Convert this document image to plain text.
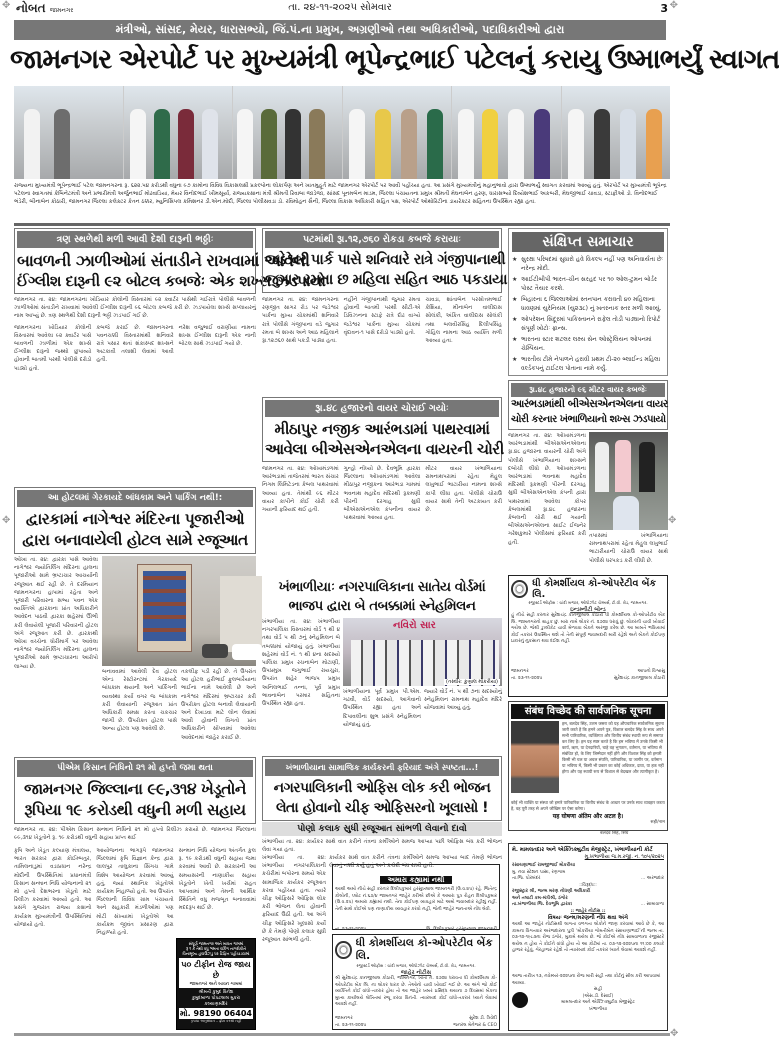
✥	✥
નોબત જામનગર	તા. ૨૪-૧૧-૨૦૨૫ સોમવાર	3
મંત્રીઓ, સાંસદ, મેયર, ધારાસભ્યો, જિં.પં.ના પ્રમુખ, અગ્રણીઓ તથા અધિકારીઓ, પદાધિકારીઓ દ્વારા
જામનગર એરપોર્ટ પર મુખ્યમંત્રી ભૂપેન્દ્રભાઈ પટેલનું કરાયુ ઉષ્માભર્યું સ્વાગત
રાજ્યના મુખ્યમંત્રી ભૂપેન્દ્રભાઈ પટેલ જામનગરના રૂ. ૬૨૨.૫૪ કરોડથી વધુના ૯૭ કામોના વિવિધ વિકાસલક્ષી પ્રકલ્પોના લોકાર્પણ અને ખાતમુહૂર્ત માટે જામનગર એરપોર્ટ પર આવી પહોંચ્યા હતા. આ પ્રસંગે મુખ્યમંત્રીનું મહાનુભાવો દ્વારા ઉષ્માભર્યું સ્વાગત કરવામાં આવ્યું હતું. એરપોર્ટ પર મુખ્યમંત્રી ભૂપેન્દ્ર પટેલના સ્વાગતમાં કેબિનેટમંત્રી અને પ્રભારીમંત્રી અર્જુનભાઈ મોઢવાડિયા, મેયર વિનોદભાઈ ખીમસૂર્યા, રાજ્યકક્ષાના મંત્રી શ્રીમતી રિવાબા જાડેજા, સાંસદ પૂનમબેન માડમ, જિલ્લા પંચાયતના પ્રમુખ શ્રીમતી મેઘનાબેન હરણ, ધારાસભ્યો દિવ્યેશભાઈ અકબરી, મેઘજીભાઈ ચાવડા, સ્ટાફીઓ ડો. વિનોદભાઈ ભંડેરી, બીનાબેન કોઠારી, જામનગર જિલ્લા કલેક્ટર કેતન ઠક્કર, મ્યુનિસિપલ કમિશનર ડી.એન.મોદી, જિલ્લા પોલીસવડા ડો. રવિમોહન સૈની, જિલ્લા વિકાસ અધિકારી સહિત પક્ષ, એરપોર્ટ ઓથોરિટીના ડાયરેક્ટર સહિતના ઉપસ્થિત રહ્યા હતા.
ત્રણ સ્થળેથી મળી આવી દેશી દારૂની ભઠ્ઠીઃ
બાવળની ઝાળીઓમાં સંતાડીને રાખવામાં આવેલી
ઈંગ્લીશ દારૂની ૯૨ બોટલ કબજેઃ એક શખ્સ ઝડપાયો
જામનગર તા. ૨૪: જામનગરના ખોડિયાર કોલોની વિસ્તારમાં ૯૨ ક્વાર્ટર પાસેથી ગઈરાત્રે પોલીસે બાવળની ઝાળીઓમાં સંતાડીને રાખવામાં આવેલી ઈંગ્લીશ દારૂની ૯૬ બોટલ કબજે કરી છે. ઝડપાયેલા શખ્સે સપ્લાયરનું નામ આપ્યું છે. ત્રણ સ્થળેથી દેશી દારૂની ભઠ્ઠી ઝડપાઈ ગઈ છે.
જામનગરના ખોડિયાર કોલોની વિસ્તારમાં આવેલા ૯૨ ક્વાર્ટર પાસે બાવળની ઝાળીમાં એક શખ્સે ઈંગ્લીશ દારૂનો જથ્થો છુપાવ્યો હોવાની બાતમી પરથી પોલીસે દરોડો પાડ્યો હતો.
કબજે કરાઈ છે. જામનગરના પવનચક્કી વિસ્તારમાંથી શનિવારે રાત્રે પસાર થતાં શંકાસ્પદ શખ્સને અટકાવી તલાશી લેવામાં આવી હતી.
નરેશ વજુભાઈ વરાણીયા નામના શખ્સ ઈંગ્લીશ દારૂની એક નાની બોટલ સાથે ઝડપાઈ ગયો છે.
પટમાંથી રૂા.૧૨,૭૬૦ રોકડા કબજે કરાયાઃ
જડેશ્વર પાર્ક પાસે શનિવારે રાત્રે ગંજીપાનાથી
જુગાર રમતા છ મહિલા સહિત આઠ પકડાયા
જામનગર તા. ૨૪: જામનગરના રણજીત સાગર રોડ પર જડેશ્વર પાર્કના મુખ્ય ચોકમાંથી શનિવારે રાત્રે પોલીસે ગંજીપાના વડે જુગાર રમતા બે શખ્સ અને આઠ મહિલાને રૂા.૧૨૭૬૦ સાથે પકડી પાડ્યા હતા.
નહીંને ગંજીપાનાથી જુગાર રમતા હોવાની બાતમી પરથી સીટી-એ ડિવિઝનના સ્ટાફે રાત્રે દોઢ વાગ્યે જડેશ્વર પાર્કના મુખ્ય ચોકમાં વૃંદાવન-૧ પાસે દરોડો પાડ્યો હતો.
ચાવડા, શાંતાબેન પરસોત્તમભાઈ કેશિયા, મીનાબેન વાલીદાસ સોલંકી, અંકિત વાલીદાસ સોલંકી તથા બલવીરસિંહ દિલીપસિંહ ગોહિલ નામના આઠ વ્યક્તિ મળી આવ્યા હતા.
સંક્ષિપ્ત સમાચાર
★ સુરક્ષા પરિષદમાં સુધારો હવે વિકલ્પ નહીં પણ અનિવાર્યતા છેઃ નરેન્દ્ર મોદી.
★ આઈટીબીપી ભારત-ચીન સરહદ પર ૧૦ ઓલ-ટુમન બોર્ડર પોસ્ટ તૈયાર કરશે.
★ બિહારના ૬ જિલ્લાઓમાં સ્તનપાન કરાવતી ૪૦ મહિલાના ધાવણમાં યુરેનિયમ (યુ૨૩૮) નું ખતરનાક સ્તર મળી આવ્યું.
★ ઓપરેશન સિંદૂરમાં પાકિસ્તાનને રાફેલ તોડી પાડ્યાનો રિપોર્ટ સંપૂર્ણ ખોટોઃ ફ્રાન્સ.
★ ભારતના સ્ટાર શટલર લક્ષ્ય સેન ઓસ્ટ્રેલિયન ઓપનમાં ચેમ્પિયન.
★ ભારતીય ટીમે નેપાળને હરાવી પ્રથમ ટી-૨૦ બ્લાઈન્ડ મહિલા વર્લ્ડકપનું ટાઈટલ પોતાના નામે કર્યું.
રૂા.૪૮ હજારનો ૯૬ મીટર વાયર કબજેઃ
આરંભડામાંથી બીએસએનએલના વાયર
ચોરી કરનાર ખંભાળિયાનો શખ્સ ઝડપાયો
જામનગર તા. ૨૪: ઓખામંડળના આરંભડામાંથી બીએસએનએલના રૂા.૪૮ હજારના વાયરની ચોરી અંગે પોલીસે ખંભાળિયાના શખ્સને દબોચી લીધો છે. ઓખામંડળના આરંભડામાં ભવનાથ મહાદેવ મંદિરથી રૂકમણી પીરની દરગાહ સુધી બીએસએનએલ કંપની દ્વારા પાથરવામાં આવેલા કોપર કેબલમાંથી રૂા.૪૮ હજારના કેબલની ચોરી થઈ ગયાની બીએસએનએલના સાઈટ ઈજનેર ગરેશકુમારે પોલીસમાં ફરિયાદ કરી હતી.
તપાસમાં ખંભાળિયાના રામનાથપરામાં રહેતા મેહુલ લખુભાઈ ભાટારીયાની ચોરાઉ વાયર સાથે પોલીસે ધરપકડ કરી લીધી છે.
રૂા.૪૮ હજારનો વાયર ચોરાઈ ગયોઃ
મીઠાપુર નજીક આરંભડામાં પાથરવામાં
આવેલા બીએસએનએલના વાયરની ચોરી
જામનગર તા. ૨૪: ઓખામંડળમાં આરંભડામાં તાજેતરમાં ભારત સંચાર નિગમ લિમિટેડના કેબલ પાથરવામાં આવ્યા હતા. તેમાંથી ૯૬ મીટર વાયર કાપીને કોઈ ચોરી કરી ગયાની ફરિયાદ થઈ હતી.
ગુન્હો નોંધ્યો છે. દેવભૂમિ દ્વારકા જિલ્લાના ઓખામંડળમાં આવેલા મીઠાપુર નજીકના આરંભડા ગામમાં ભવનાથ મહાદેવ મંદિરથી રૂકમણી પીરની દરગાહ સુધી બીએસએનએલ કંપનીના વાયર પાથરવામાં આવ્યા હતા.
મીટર વાયર ખંભાળિયાના રામનાથપરામાં રહેતા મેહુલ લખુભાઈ ભાટારીયા નામના શખ્સે કાપી લીધા હતા. પોલીસે ચોરાઉ વાયર સાથે તેની અટકાયત કરી છે.
આ હોટલમાં ગેરકાયદે બાંધકામ અને પાર્કિંગ નથી!:
દ્વારકામાં નાગેશ્વર મંદિરના પૂજારીઓ
દ્વારા બનાવાયેલી હોટલ સામે રજૂઆત
ઓખા તા. ૨૪: દ્વારકા પાસે આવેલા નાગેશ્વર જ્યોતિર્લિંગ મંદિરના હાલના પૂજારીઓ સામે ભ્રષ્ટાચાર આચર્યાની રજૂઆત થઈ રહી છે. તે દરમિયાન જામનગરના હાપામાં રહેતા અને પૂજારી પરિવારના સભ્ય પવન એક વ્યક્તિએ દ્વારકાના પ્રાંત અધિકારીને આવેદન પાઠવી દ્વારકા શહેરમાં ઊભી કરી લેવાયેલી પૂજારી પરિવારની હોટલ અંગે રજૂઆત કરી છે. દ્વારકાથી ઓખા વચ્ચેના ધોરીમાર્ગ પર આવેલા નાગેશ્વર જ્યોતિર્લિંગ મંદિરના હાલના પૂજારીઓ સામે ભ્રષ્ટાચારના આરોપો લાગ્યા છે.
બનાવવામાં આવેલી દેવ હોટલ એન્ડ રેસ્ટોરન્ટમાં ગેરકાયદે બાંધકામ થયાની અને પાર્કિંગની વ્યવસ્થા કર્યા વગર જ બાંધકામ કરી લેવાયાની રજૂઆત પ્રાંત અધિકારી સમક્ષ કરતા ચકચાર જાગી છે. ઉપરોક્ત હોટલ પાસે અન્ય હોટલ પણ આવેલી છે.
તકલીફ પડી રહી છે. તે ઉપરાંત આ હોટલ હરીભાઈ ફુલબારૈયાના ભાઈના નામે આવેલી છે અને નાગેશ્વર મંદિરમાં ભ્રષ્ટાચાર કરી ઉપરોક્ત હોટલ બનાવી લેવાયાની અને દેખાડવા માટે લોન લેવામાં આવી હોવાની વિગતો પ્રાંત અધિકારીને સોંપવામાં આવેલા આવેદનમાં જાહેર કરાઈ છે.
ખંભાળીયાઃ નગરપાલિકાના સાતેય વોર્ડમાં
ભાજપ દ્વારા બે તબક્કામાં સ્નેહમિલન
ખંભાળીયા તા. ૨૪: ખંભાળીયા નગરપાલિકા વિસ્તારમાં વોર્ડ ૧ થી ૪ તથા વોર્ડ ૫ થી ૭નું સ્નેહમિલન બે તબક્કામાં યોજાયું હતું. ખંભાળીયા શહેરમાં વોર્ડ નં. ૧ થી ૪ના સદસ્યો પાલિકા પ્રમુખ રચનાબેન મોટાણી, ઉપપ્રમુખ જગુભાઈ રાયચુરા, ઉપરાંત શહેર ભાજપ પ્રમુખ અનિલભાઈ તન્ના, પૂર્વ પ્રમુખ ભાવનાબેન પરમાર સહિતના ઉપસ્થિત રહ્યા હતા.
નવિરો સાર
(તસ્વીરઃ કુણાલ મોકરીયા)
ખંભાળીયાના પૂર્વ પ્રમુખ પી.એમ. ગઢવી, વોર્ડ સદસ્યો, આગેવાનો ઉપસ્થિત રહ્યા હતા અને દિપાવલીના શુભ પ્રસંગે સ્નેહમિલન યોજાયું હતું.
જ્યારે વોર્ડ નં. ૫ થી ૭ના સદસ્યોનું સ્નેહમિલન રામનાથ મહાદેવ મંદિરે યોજવામાં આવ્યું હતું.
ધી કોમર્શીયલ કો-ઓપરેટીવ બેંક લિ.
રજીસ્ટર્ડ ઓફીસ : ચાંદી બજાર, ઓપોઝીટ ચેમ્બર્સ, ટી.વી. રોડ, જામનગર.
ઇન્ડમ્નીટી બોન્ડ
હું નીચે સહી કરનાર સુરેશચંદ્ર કાનજીલાલ કોઠારી ધી કોમર્શીયલ કો-ઓપરેટીવ બેંક લિ. જામનગરનો ગ્રાહક છું. મારા નામે લોકર નં. ૨૭૦૪ ધરાવું છું. લોકરની ચાવી ખોવાઈ ગયેલ છે. જેથી ડુપ્લીકેટ ચાવી મેળવવા બેંકને અરજી કરેલ છે. આ બાબતે ભવિષ્યમાં કોઈ તકરાર ઉપસ્થિત થશે તો તેની સંપૂર્ણ જવાબદારી મારી રહેશે અને બેંકને કોઈપણ પ્રકારનું નુકસાન થવા દઈશ નહીં.
જામનગર
તા. ૨૩-૧૧-૨૦૨૫
આપનો વિશ્વાસુ
સુરેશચંદ્ર કાનજીલાલ કોઠારી
संबंध विच्छेद की सार्वजनिक सूचना
हम, बलदेव सिंह, उत्तम जसरा को यह औपचारिक सार्वजनिक सूचना जारी करते है कि हमने अपने पुत्र, विशाल बलदेव सिंह के साथ अपने सभी पारिवारिक, व्यक्तिगत और वित्तीय संबंध स्थायी रूप से समाप्त कर लिए है। हम यह स्पष्ट करते है कि हम भविष्य में उनके किसी भी कार्य, ऋण, या देनदारियों, चाहे वह भुगतान, वर्तमान, या भविष्य से संबंधित हो, के लिए जिम्मेदार नहीं होंगे और विशाल सिंह को हमारी किसी भी चल या अचल संपत्ति, पारिवारिक, या जागीर पर, वर्तमान या भविष्य में, किसी भी प्रकार का कोई अधिकार, दावा, या हक नहीं होगा और यह स्थायी रूप से विशाल से बेदखल और त्यागीकृत है।
कोई भी व्यक्ति या संस्था जो हमारे पारिवारिक या वित्तीय संबंध के आधार पर उनके साथ व्यवहार करता है, वह पूरी तरह से अपने जोखिम पर ऐसा करेगा।
यह घोषणा अंतिम और अटल है।
सही/नाम
बलदेव सिंह, सिंघ
ખંભાળીયાના સામાજિક કાર્યકરની ફરિયાદ અંગે સ્પષ્ટતા...!
નગરપાલિકાની ઓફિસ લોક કરી ભોજન
લેતા હોવાનો ચીફ ઓફિસરનો ખૂલાસો !
પોણો કલાક સુધી રજૂઆત સાંભળી લેવાનો દાવો
ખંભાળીયા તા. ૨૪: કાર્યકર સાથે વાત કરીને તંત્રના કર્મીઓને સમજ આપ્યા પછી ઓફિસ બંધ કરી ભોજન લેવા ગયા હતા.
ખંભાળીયા તા. ૨૪: ખંભાળીયા નગરપાલિકાની કચેરીમાં બપોરના સમયે એક સામાજિક કાર્યકર રજૂઆત કરવા પહોંચ્યા હતા. ત્યારે ચીફ ઓફિસરે ઓફિસ લોક કરી ભોજન લેતા હોવાની ફરિયાદ ઉઠી હતી. આ અંગે ચીફ ઓફિસરે ખૂલાસો કર્યો છે કે તેમણે પોણો કલાક સુધી રજૂઆત સાંભળી હતી.
કાર્યકર સાથે વાત કરીને તંત્રના કર્મીઓને સમજ આપ્યા બાદ તેમણે ભોજન લેવાનું નક્કી કર્યું હતું અને કચેરી બંધ રાખી હતી.
અમારા કહ્યામાં નથી
આથી અમો નીચે સહી કરનાર દિલીપકુમાર હરસુખલાલ જામનગરી (ઉ.વ.૪૫) રહે. જિતેન્દ્ર કોલોની, પ્લોટ નં.૬૭/૪ જામનગર જાહેર કરીએ છીએ કે અમારા પુત્ર રોહન દિલીપકુમાર (ઉ.વ.૨૫) અમારા કહ્યામાં નથી. તેના કોઈપણ વ્યવહાર માટે અમો જવાબદાર રહીશું નહીં. તેની સાથે કોઈએ પણ નાણાકીય વ્યવહાર કરવો નહીં, જેની જાહેર જનતાએ નોંધ લેવી.
તા. ૨૩-૧૧-૨૦૨૫	લિ. દિલીપકુમાર હરસુખલાલ જામનગરી
ધી કોમર્શીયલ કો-ઓપરેટીવ બેંક લિ.
રજીસ્ટર્ડ ઓફીસ : ચાંદી બજાર, ઓપોઝીટ ચેમ્બર્સ, ટી.વી. રોડ, જામનગર.
જાહેર નોટીસ
શ્રી સુરેશચંદ્ર કાનજીલાલ કોઠારી, જામનગર, ખાતા નં. ૨૭૦૪ ધરાવતા ધી કોમર્શીયલ કો-ઓપરેટીવ બેંક લિ. ના લોકર ધારક છે. તેઓનો ચાવી ખોવાઈ ગઈ છે. આ અંગે જો કોઈ વ્યક્તિને કોઈ વાંધો-તકરાર હોય તો આ જાહેર ખબર પ્રસિદ્ધ થયાના ૭ દિવસમાં બેંકના મુખ્ય કાર્યાલયે લેખિતમાં રજૂ કરવા વિનંતી. ત્યારબાદ કોઈ વાંધો-તકરાર ધ્યાને લેવામાં આવશે નહીં.
જામનગર
તા. ૨૩-૧૧-૨૦૨૫
સુરેશ ડી. ત્રિવેદી
જનરલ મેનેજર & CEO
પીએમ કિસાન નિધિનો ૨૧ મો હપ્તો જમા થતા
જામનગર જિલ્લાના ૯૯,૩૧૪ ખેડૂતોને
રૂપિયા ૧૯ કરોડથી વધુની મળી સહાય
જામનગર તા. ૨૪: પીએમ કિસાન સન્માન નિધિનો ૨૧ મો હપ્તો રિલીઝ કરાયો છે. જામનગર જિલ્લાના ૯૯,૩૧૪ ખેડૂતોને રૂ. ૧૯ કરોડથી વધુની સહાય પ્રાપ્ત થઈ
કૃષિ અને ખેડૂત કલ્યાણ મંત્રાલય, ભારત સરકાર દ્વારા કોઈમ્બતુર, તામિલનાડુમાં વડાપ્રધાન નરેન્દ્ર મોદીની ઉપસ્થિતિમાં પ્રધાનમંત્રી કિસાન સન્માન નિધિ યોજનાનો ૨૧ મો હપ્તો દેશભરના ખેડૂતો માટે રિલીઝ કરવામાં આવ્યો હતો. આ પ્રસંગે ગુજરાત રાજ્ય કક્ષાનો કાર્યક્રમ મુખ્યમંત્રીની ઉપસ્થિતિમાં યોજાયો હતો.
આયોજનના ભાગરૂપે જામનગર જિલ્લામાં કૃષિ વિજ્ઞાન કેન્દ્ર દ્વારા લાલપુર તાલુકાના સિંગચ ગામે વિશેષ આયોજન કરવામાં આવ્યું હતું, જ્યાં સ્થાનિક ખેડૂતોએ કાર્યક્રમ નિહાળ્યો હતો. આ ઉપરાંત જિલ્લાની વિવિધ ગ્રામ પંચાયતો અને સહકારી મંડળીઓમાં પણ મોટી સંખ્યામાં ખેડૂતોએ આ કાર્યક્રમ જીવંત પ્રસારણ દ્વારા નિહાળ્યો હતો.
સન્માન નિધિ યોજના અંતર્ગત કુલ રૂ. ૧૯ કરોડથી વધુની સહાય જમા કરવામાં આવી છે. સરકારની આ સમયસરની નાણાકીય સહાય ખેડૂતોને ખેતી ખર્ચમાં રાહત આપવામાં અને તેમની આર્થિક સ્થિતિને વધુ મજબૂત બનાવવામાં મદદરૂપ થઈ છે.
સંપૂર્ણ જામનગર અને બાવન ગામમાં
રૂ ૧ કે તેથી વધુ ભમતા વર્કિંગ નાગરીકોને
વિનામૂલ્ય હવાઉઝડુ ધર ટિફિન પહોંચાડવામાં
૫૦ ટીફીન રોજ જાય છે
જામનગર અને બાવન ગામમાં
શ્રીમતી કુમુદ વિનેશ
કુમુદબાળા પોપટલાલ મુકરા
કલ્યાણમંદિર
મો. 98190 06404
કૃપયા અનુસંધાન – ફ્રીમ કરસો નહીં
મે. મામલતદાર અને એક્ઝિક્યુટીવ મેજીસ્ટ્રેટ, ખંભાળીયાની કોર્ટ
મુ.ખંભાળીયા જ.મ.રજી. નં. ૧૦૫/૨૦૨૫
રસાયણાભાઈ રામજીભાઈ મોકરીયા
મુ. નવા સ્ટેશન પાસા, રણગામ
તા.જિ. પોરબંદર	... અરજદાર
::વિરૂદ્ધ::
રજીસ્ટ્રાર શ્રી, જન્મ મરણ નોંધણી અધિકારી
અને તલાટી કમ-મંત્રીશ્રી, ઠંગોર
તા.ખંભાળીયા જિ. દેવભૂમિ દ્વારકા	... સામાવાળા
:: જાહેર નોટીસ ::
વિષયઃ જન્મ/મરણની નોંધ થવા અંગે
આથી આ જાહેર નોટીસથી લાગતા વળગતા લોકોને જાણ કરવામાં આવે છે કે, આ કામના વિગતવાર અરજદારના પુત્રી ‘મોકરીયા ગોમતીબેન રસાયણાભાઈ’ની જન્મ તા. ૦૩-૧૨-૧૯૮૩ના રોજ ઠંગોર, મુકામે થયેલ છે. જે કોઈએ નોંધ સામવાળાના રજીસ્ટરે થયેલ ન હોય તે કોઈને વાંધો હોય તો આ કોર્ટમાં તા. ૦૩-૧૨-૨૦૨૫ના ૧૧:૦૦ કલાકે હાજર રહેવું, ગેરહાજર રહેશે તો ત્યારબાદ કોઈ તકરાર ધ્યાને લેવામાં આવશે નહીં.
આજ તારીખ ૧૩, નવેમ્બર-૨૦૨૫ના રોજ મારી સહી તથા કોર્ટનું સીલ કરી આપવામાં આવ્યા.
સહી
(એસ.ડી. દેસાઈ)
મામલતદાર અને એક્ઝિક્યુટીવ મેજીસ્ટ્રેટ
ખંભાળીયા
✥
✥	✥
